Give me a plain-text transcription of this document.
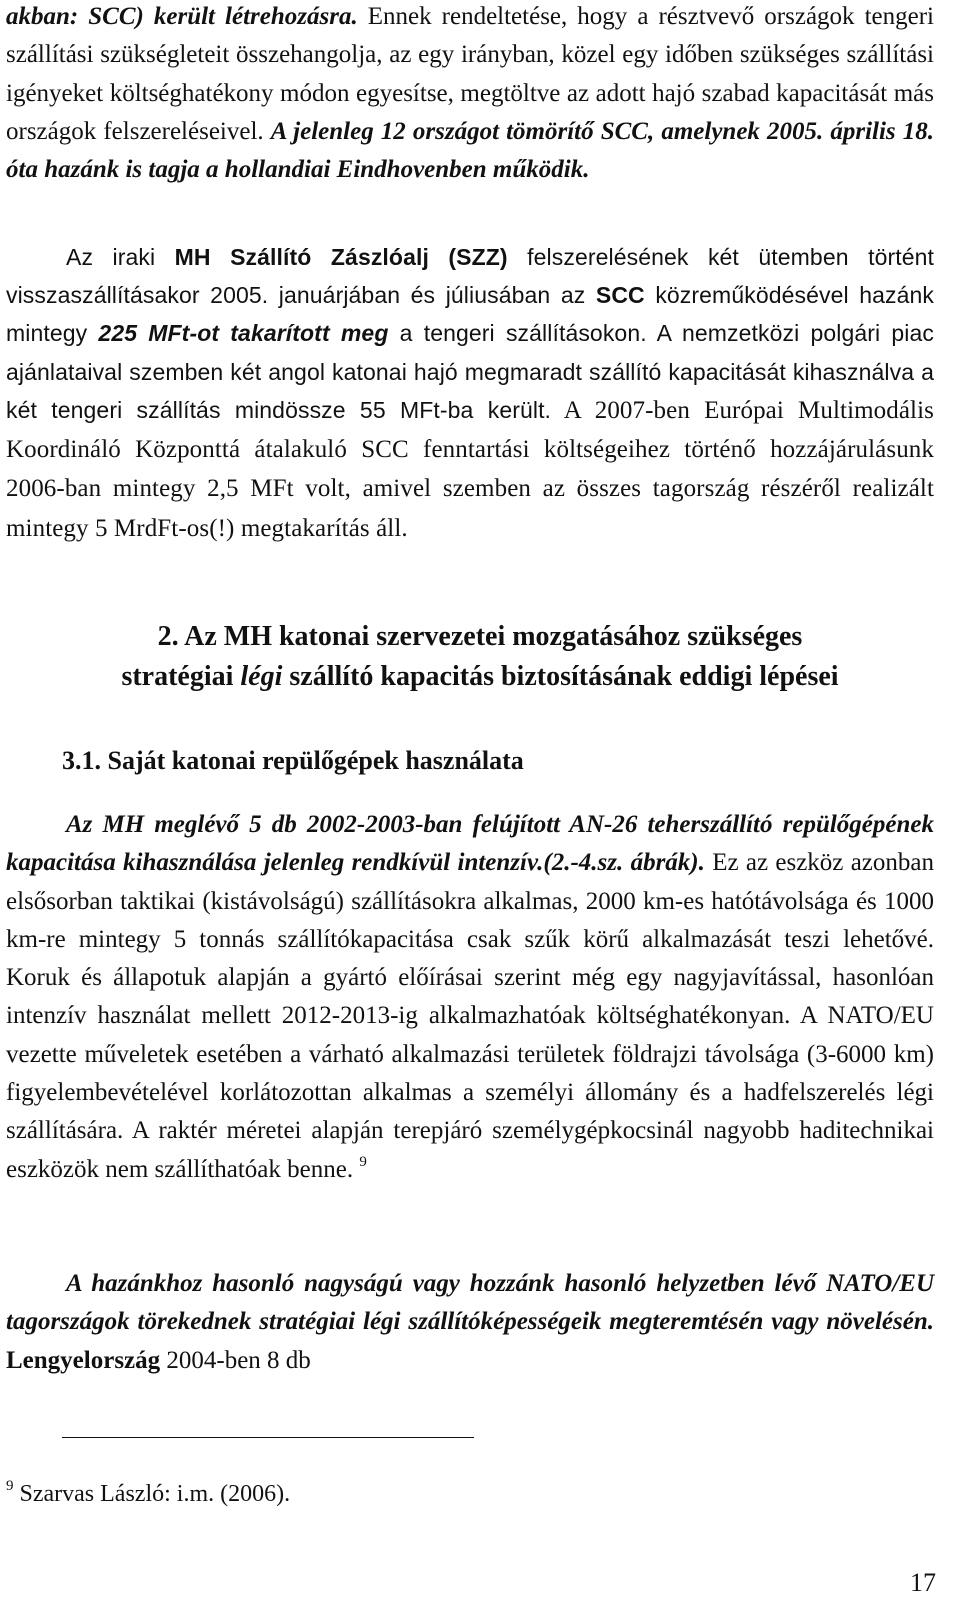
akban: SCC) került létrehozásra. Ennek rendeltetése, hogy a résztvevő országok tengeri szállítási szükségleteit összehangolja, az egy irányban, közel egy időben szükséges szállítási igényeket költséghatékony módon egyesítse, megtöltve az adott hajó szabad kapacitását más országok felszereléseivel. A jelenleg 12 országot tömörítő SCC, amelynek 2005. április 18. óta hazánk is tagja a hollandiai Eindhovenben működik.

Az iraki MH Szállító Zászlóalj (SZZ) felszerelésének két ütemben történt visszaszállításakor 2005. januárjában és júliusában az SCC közreműködésével hazánk mintegy 225 MFt-ot takarított meg a tengeri szállításokon. A nemzetközi polgári piac ajánlataival szemben két angol katonai hajó megmaradt szállító kapacitását kihasználva a két tengeri szállítás mindössze 55 MFt-ba került. A 2007-ben Európai Multimodális Koordináló Központtá átalakuló SCC fenntartási költségeihez történő hozzájárulásunk 2006-ban mintegy 2,5 MFt volt, amivel szemben az összes tagország részéről realizált mintegy 5 MrdFt-os(!) megtakarítás áll.

2. Az MH katonai szervezetei mozgatásához szükséges
stratégiai légi szállító kapacitás biztosításának eddigi lépései
3.1. Saját katonai repülőgépek használata

Az MH meglévő 5 db 2002-2003-ban felújított AN-26 teherszállító repülőgépének kapacitása kihasználása jelenleg rendkívül intenzív.(2.-4.sz. ábrák). Ez az eszköz azonban elsősorban taktikai (kistávolságú) szállításokra alkalmas, 2000 km-es hatótávolsága és 1000 km-re mintegy 5 tonnás szállítókapacitása csak szűk körű alkalmazását teszi lehetővé. Koruk és állapotuk alapján a gyártó előírásai szerint még egy nagyjavítással, hasonlóan intenzív használat mellett 2012-2013-ig alkalmazhatóak költséghatékonyan. A NATO/EU vezette műveletek esetében a várható alkalmazási területek földrajzi távolsága (3-6000 km) figyelembevételével korlátozottan alkalmas a személyi állomány és a hadfelszerelés légi szállítására. A raktér méretei alapján terepjáró személygépkocsinál nagyobb haditechnikai eszközök nem szállíthatóak benne. $^9$

A hazánkhoz hasonló nagyságú vagy hozzánk hasonló helyzetben lévő NATO/EU tagországok törekednek stratégiai légi szállítóképességeik megteremtésén vagy növelésén. Lengyelország 2004-ben 8 db

$^9$ Szarvas László: i.m. (2006).
17
